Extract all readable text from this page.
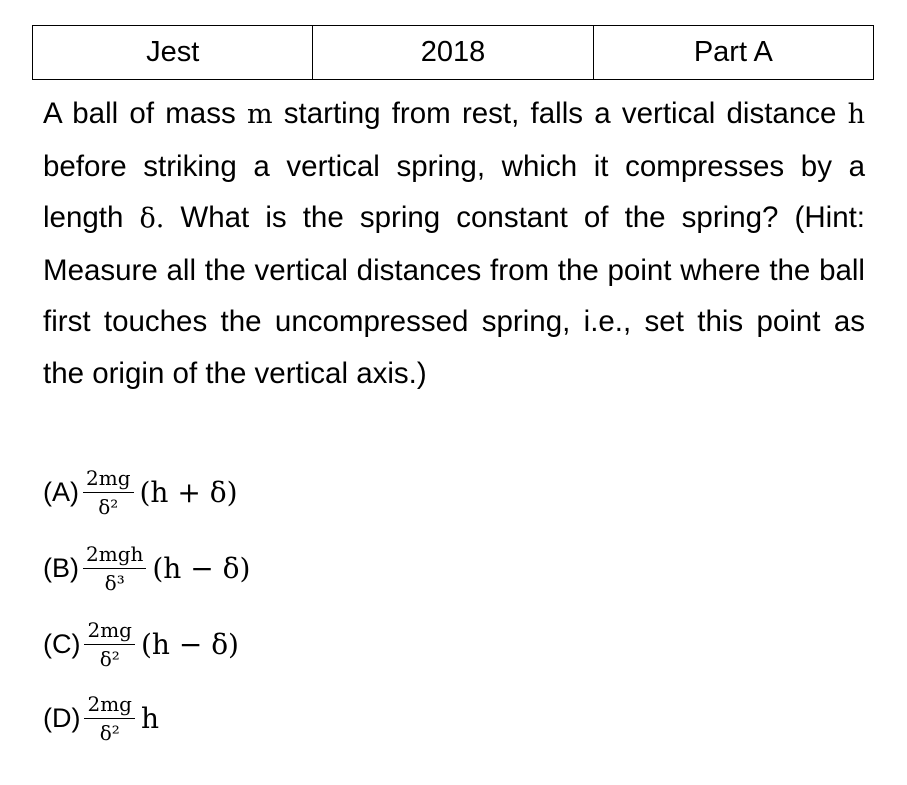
Jest	2018	Part A

A ball of mass m starting from rest, falls a vertical distance h before striking a vertical spring, which it compresses by a length δ. What is the spring constant of the spring? (Hint: Measure all the vertical distances from the point where the ball first touches the uncompressed spring, i.e., set this point as the origin of the vertical axis.)

$(A) \frac{2mg}{\text{δ²}} (h + \delta)$
$(B) \frac{\text{2mgh}}{\text{δ³}} (h - \delta)$
$(C) \frac{2mg}{\text{δ²}} (h - \delta)$
$(D) \frac{2mg}{\text{δ²}}$ h
